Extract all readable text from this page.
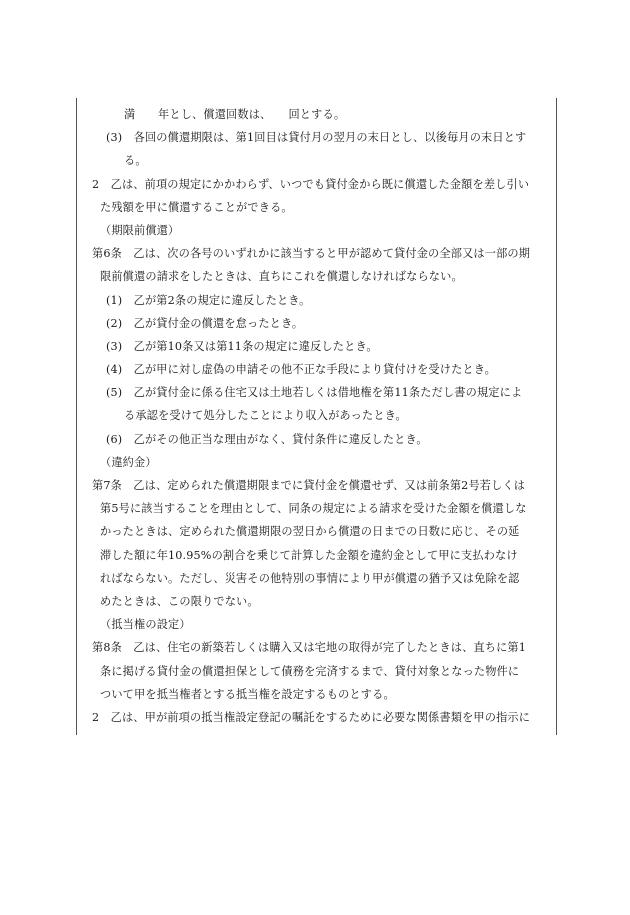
満　　年とし、償還回数は、　　回とする。
(3)　各回の償還期限は、第1回目は貸付月の翌月の末日とし、以後毎月の末日とす
る。
2　乙は、前項の規定にかかわらず、いつでも貸付金から既に償還した金額を差し引い
た残額を甲に償還することができる。
（期限前償還）
第6条　乙は、次の各号のいずれかに該当すると甲が認めて貸付金の全部又は一部の期
限前償還の請求をしたときは、直ちにこれを償還しなければならない。
(1)　乙が第2条の規定に違反したとき。
(2)　乙が貸付金の償還を怠ったとき。
(3)　乙が第10条又は第11条の規定に違反したとき。
(4)　乙が甲に対し虚偽の申請その他不正な手段により貸付けを受けたとき。
(5)　乙が貸付金に係る住宅又は土地若しくは借地権を第11条ただし書の規定によ
る承認を受けて処分したことにより収入があったとき。
(6)　乙がその他正当な理由がなく、貸付条件に違反したとき。
（違約金）
第7条　乙は、定められた償還期限までに貸付金を償還せず、又は前条第2号若しくは
第5号に該当することを理由として、同条の規定による請求を受けた金額を償還しな
かったときは、定められた償還期限の翌日から償還の日までの日数に応じ、その延
滞した額に年10.95%の割合を乗じて計算した金額を違約金として甲に支払わなけ
ればならない。ただし、災害その他特別の事情により甲が償還の猶予又は免除を認
めたときは、この限りでない。
（抵当権の設定）
第8条　乙は、住宅の新築若しくは購入又は宅地の取得が完了したときは、直ちに第1
条に掲げる貸付金の償還担保として債務を完済するまで、貸付対象となった物件に
ついて甲を抵当権者とする抵当権を設定するものとする。
2　乙は、甲が前項の抵当権設定登記の嘱託をするために必要な関係書類を甲の指示に
